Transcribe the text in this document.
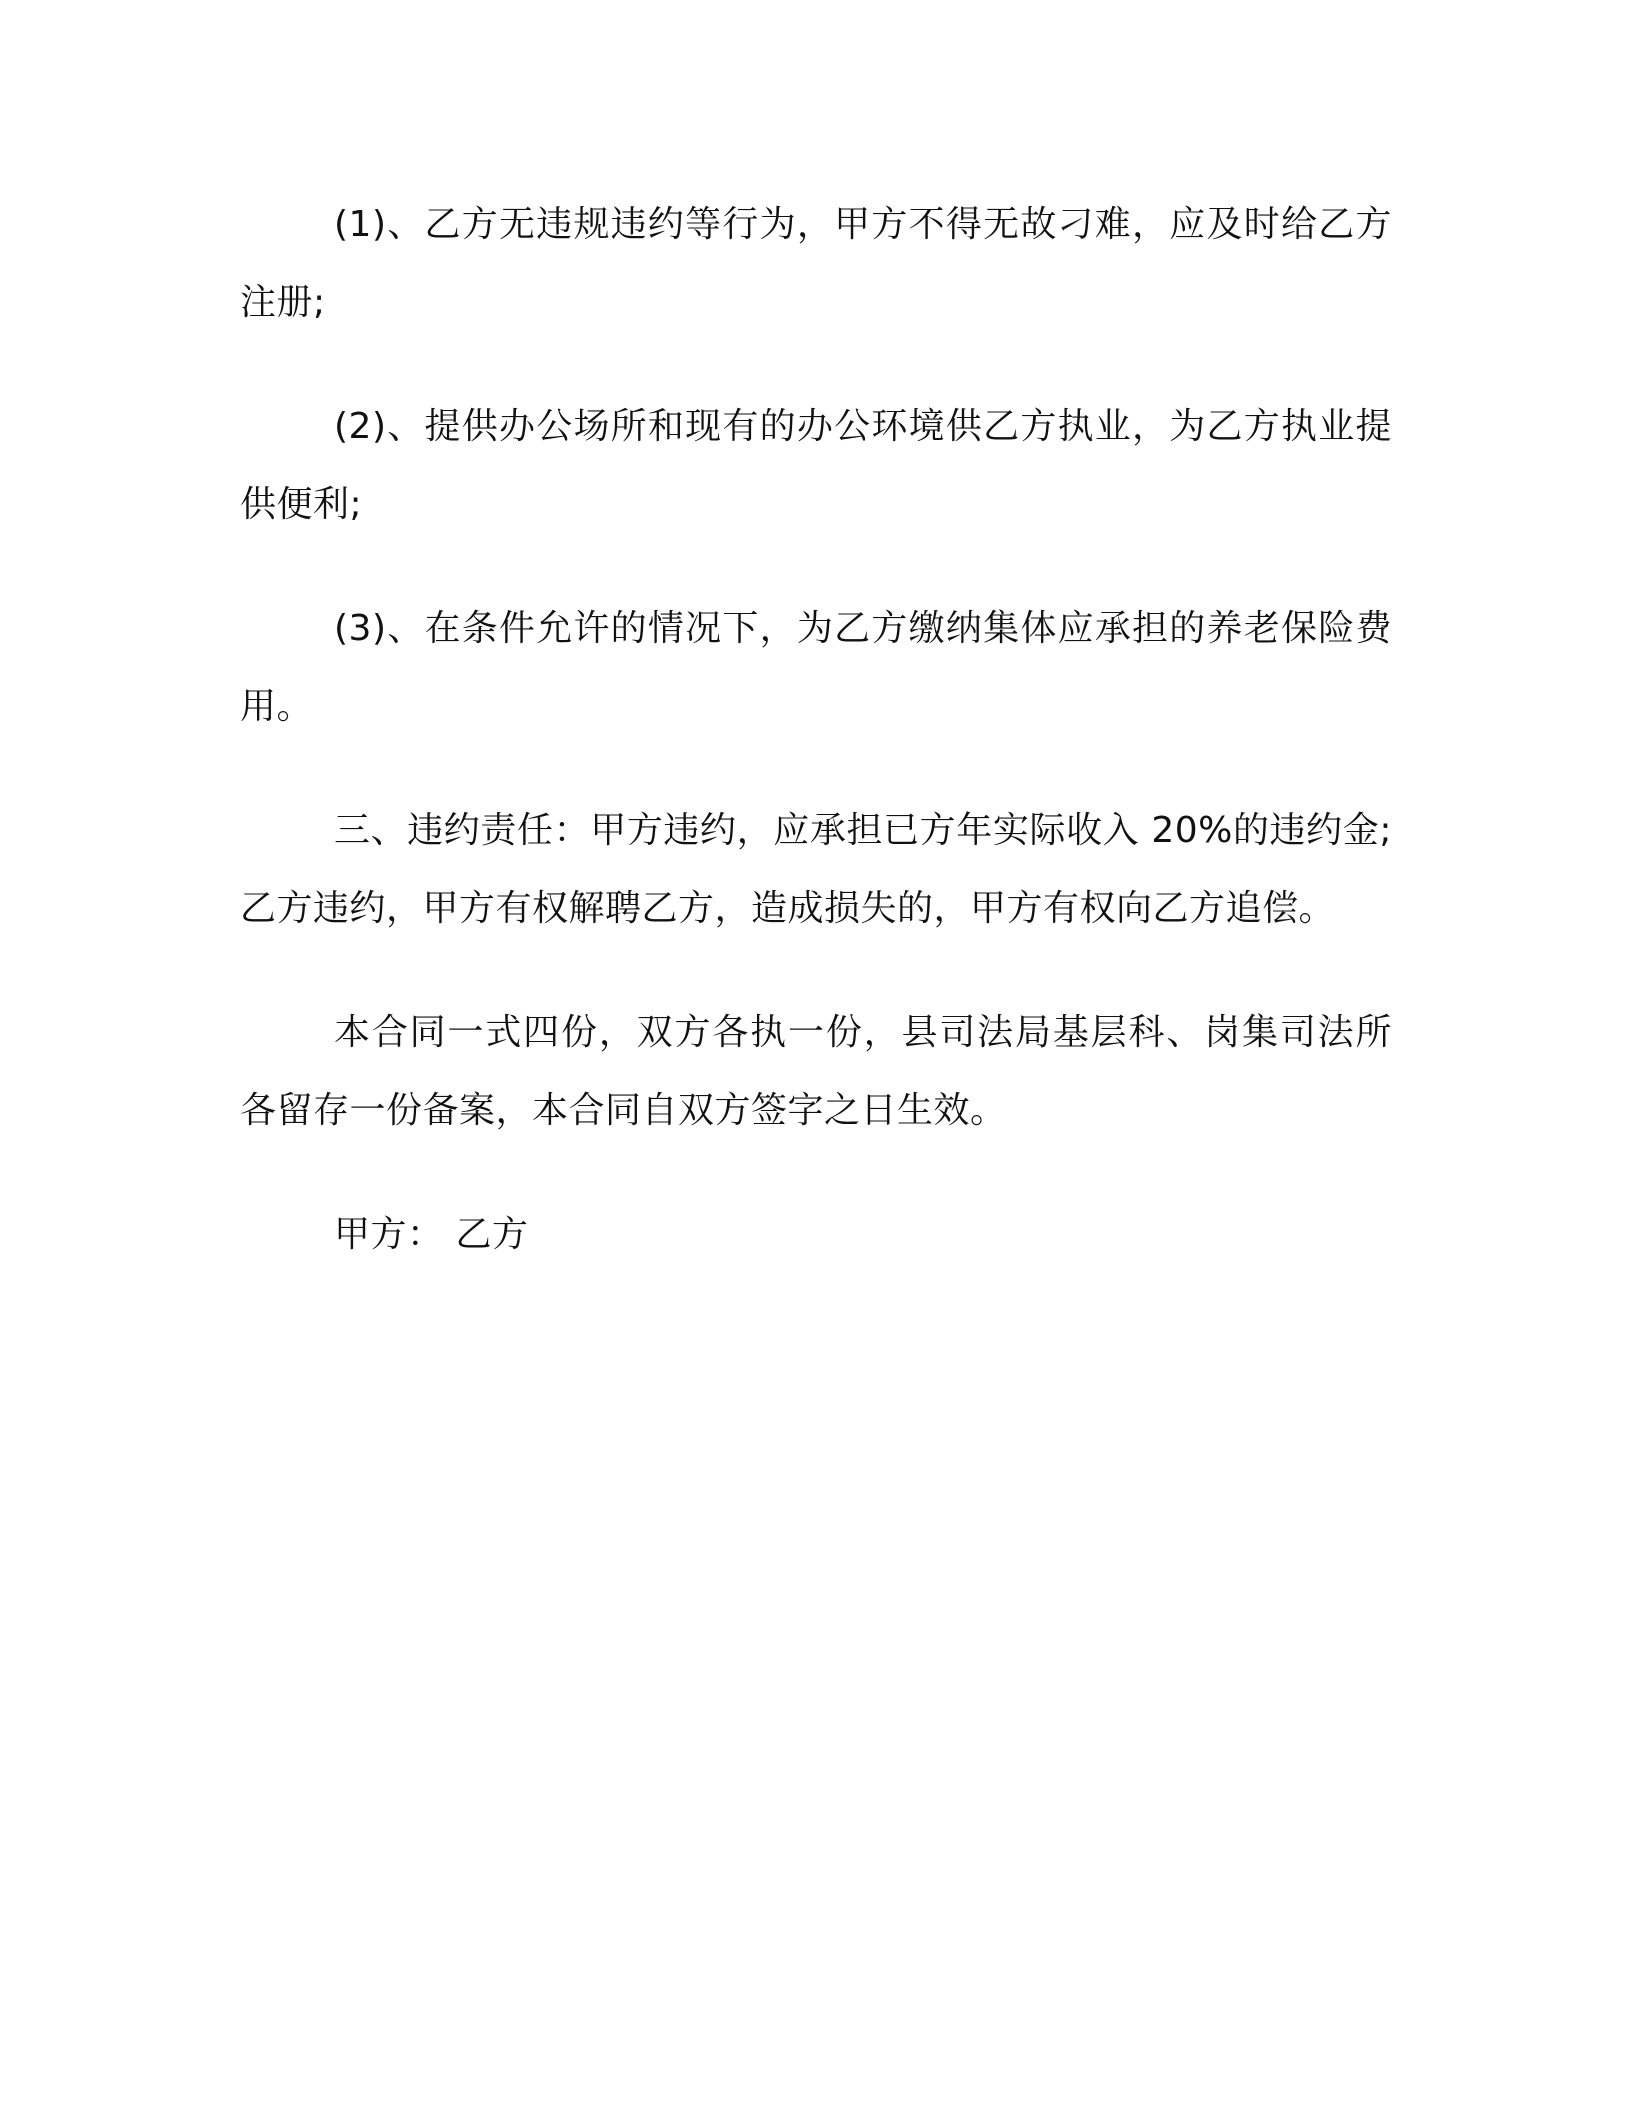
(1)、乙方无违规违约等行为，甲方不得无故刁难，应及时给乙方注册;

(2)、提供办公场所和现有的办公环境供乙方执业，为乙方执业提供便利;

(3)、在条件允许的情况下，为乙方缴纳集体应承担的养老保险费用。

三、违约责任：甲方违约，应承担已方年实际收入 20%的违约金;乙方违约，甲方有权解聘乙方，造成损失的，甲方有权向乙方追偿。

本合同一式四份，双方各执一份，县司法局基层科、岗集司法所各留存一份备案，本合同自双方签字之日生效。

甲方： 乙方
